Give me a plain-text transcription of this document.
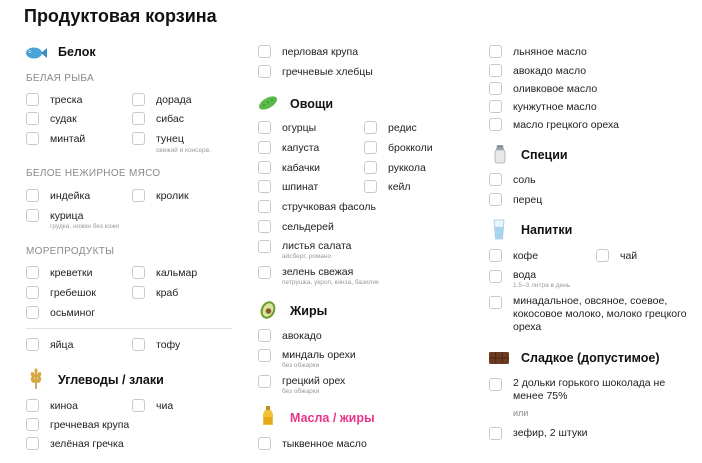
Продуктовая корзина
Белок
БЕЛАЯ РЫБА
треска	дорада
судак	сибас
минтай	тунец
свежий и консерв.
БЕЛОЕ НЕЖИРНОЕ МЯСО
индейка	кролик
курица
грудка, ножки без кожи
МОРЕПРОДУКТЫ
креветки	кальмар
гребешок	краб
осьминог
яйца	тофу
Углеводы / злаки
киноа	чиа
гречневая крупа
зелёная гречка
перловая крупа
гречневые хлебцы
Овощи
огурцы	редис
капуста	брокколи
кабачки	руккола
шпинат	кейл
стручковая фасоль
сельдерей
листья салата
айсберг, романо
зелень свежая
петрушка, укроп, кинза, базилик
Жиры
авокадо
миндаль орехи
без обжарки
грецкий орех
без обжарки
Масла / жиры
тыквенное масло
льняное масло
авокадо масло
оливковое масло
кунжутное масло
масло грецкого ореха
Специи
соль
перец
Напитки
кофе	чай
вода
1.5–3 литра в день
минадальное, овсяное, соевое, кокосовое молоко, молоко грецкого ореха
Сладкое (допустимое)
2 дольки горького шоколада не менее 75%
или
зефир, 2 штуки
